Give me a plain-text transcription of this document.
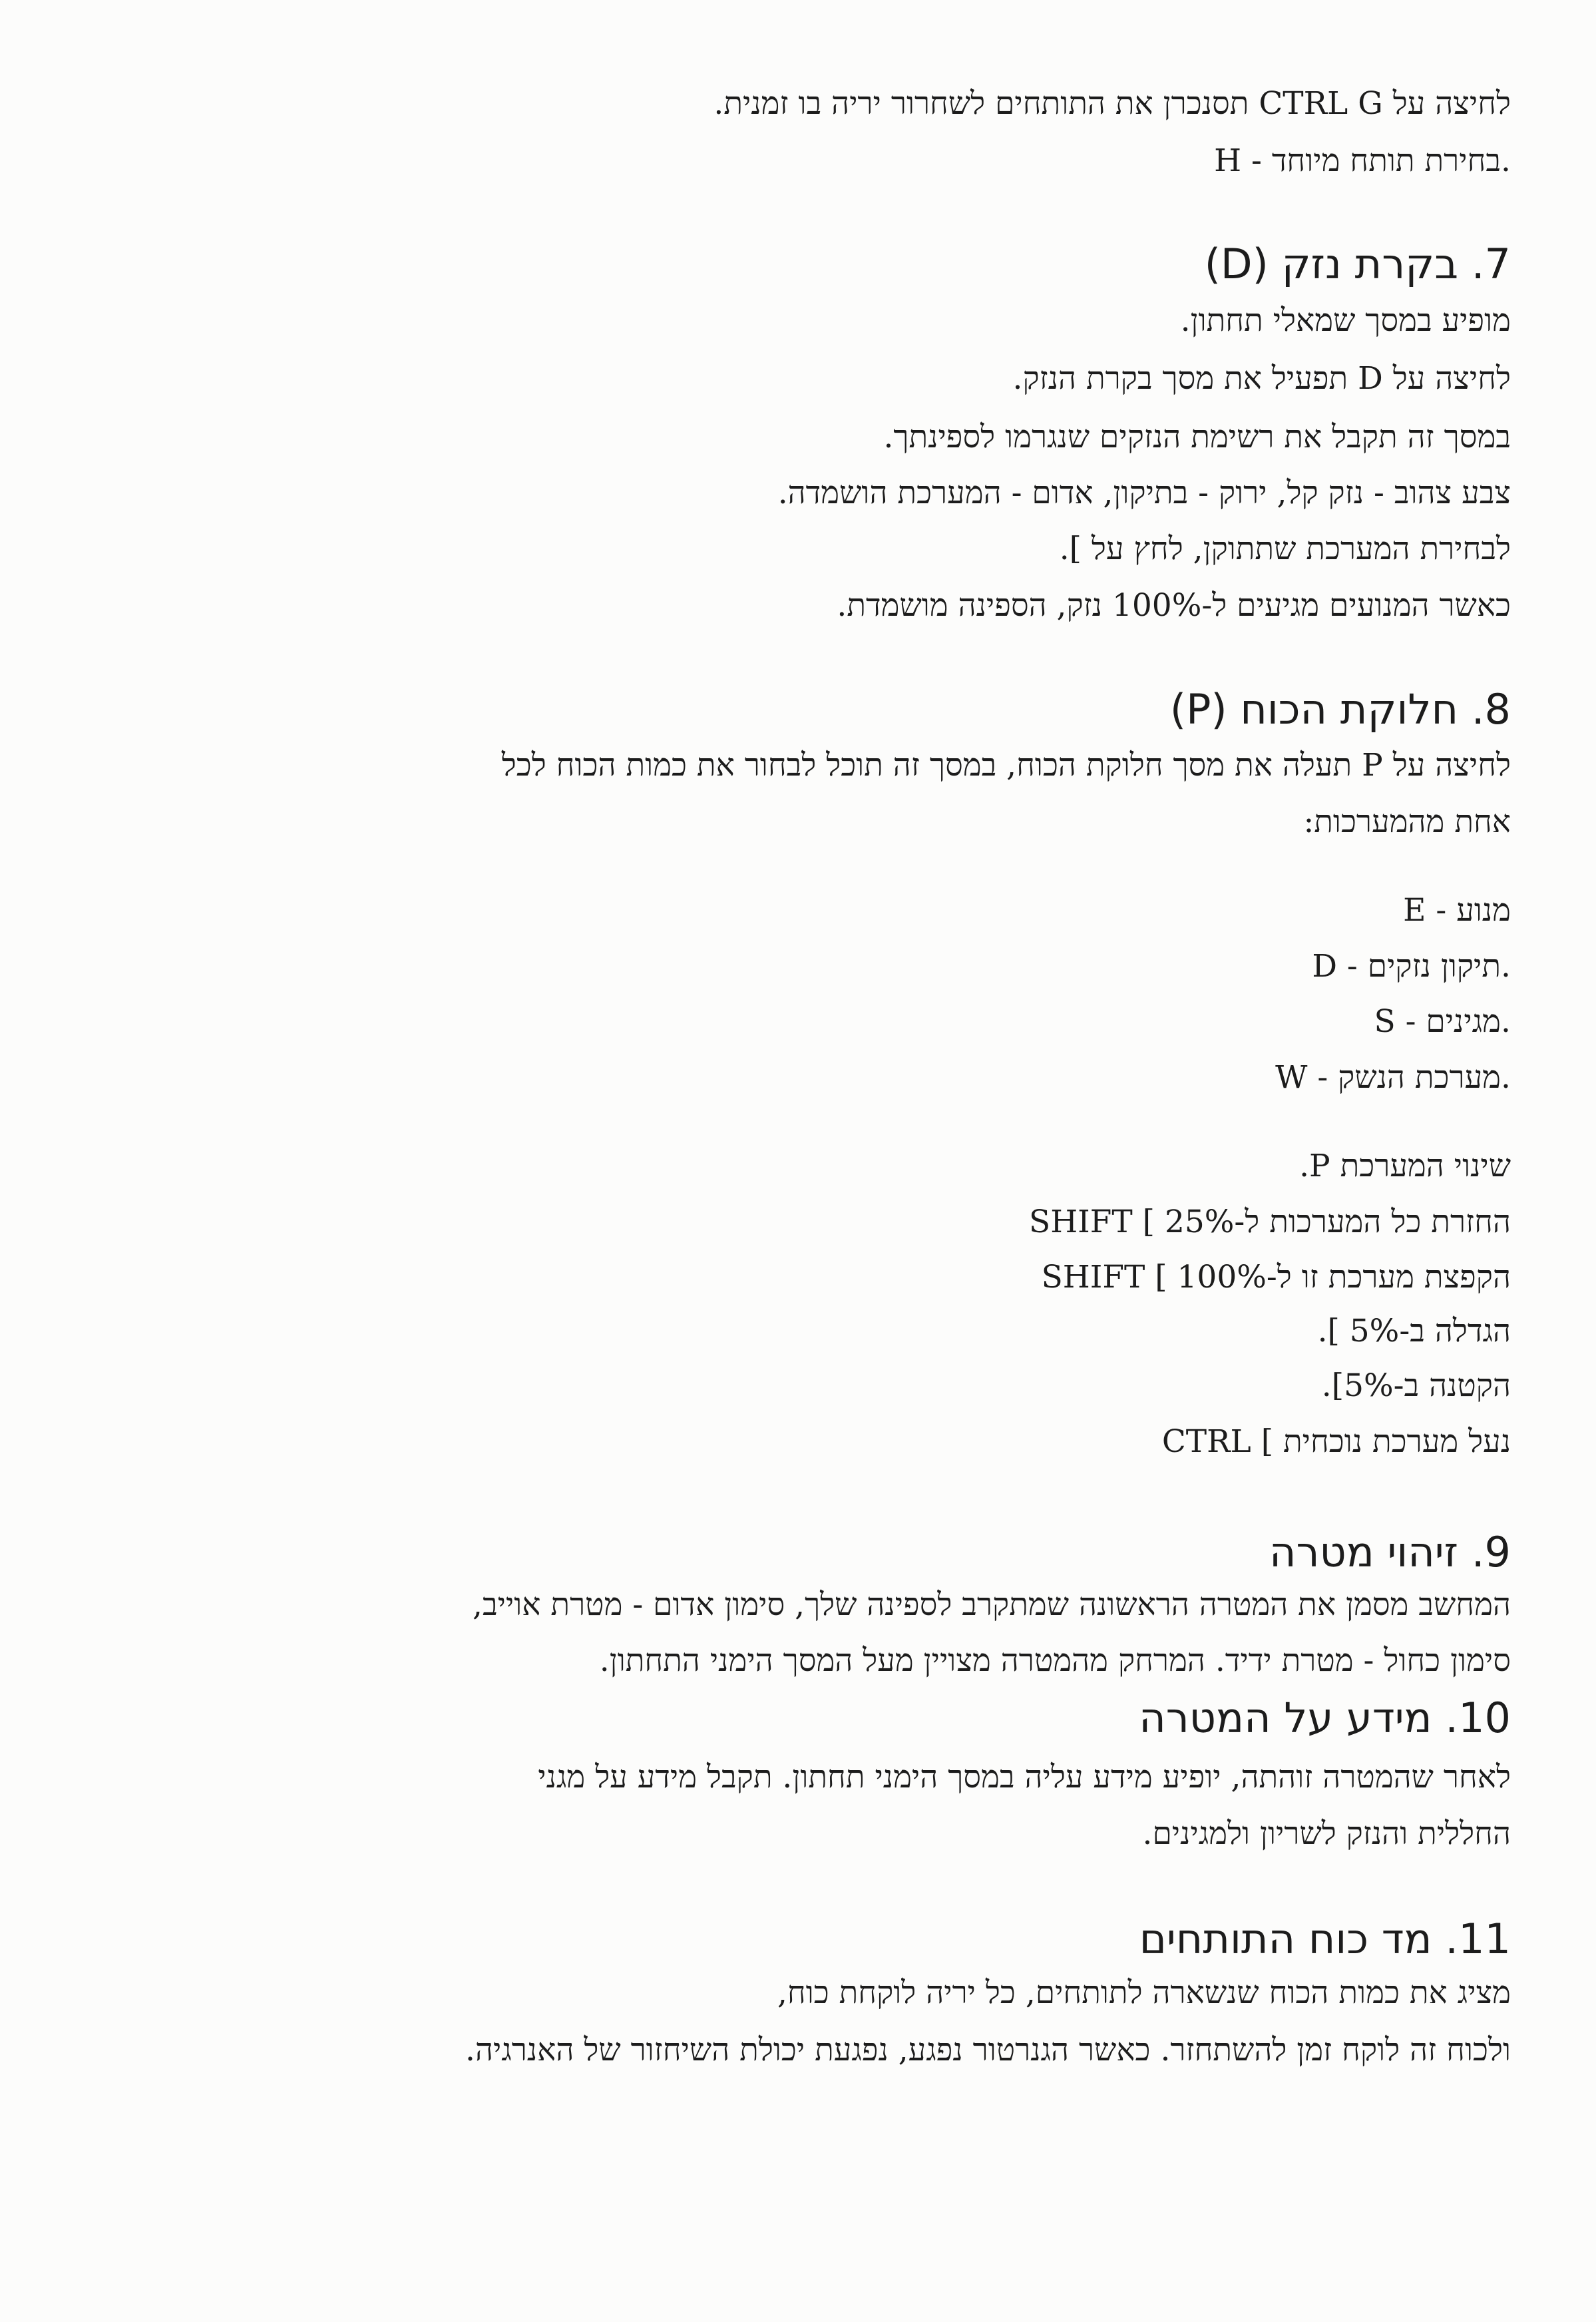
לחיצה על CTRL G תסנכרן את התותחים לשחרור יריה בו זמנית.
H - בחירת תותח מיוחד.
7. בקרת נזק (D)
מופיע במסך שמאלי תחתון.
לחיצה על D תפעיל את מסך בקרת הנזק.
במסך זה תקבל את רשימת הנזקים שנגרמו לספינתך.
צבע צהוב - נזק קל, ירוק - בתיקון, אדום - המערכת הושמדה.
לבחירת המערכת שתתוקן, לחץ על ].
כאשר המנועים מגיעים ל-100% נזק, הספינה מושמדת.
8. חלוקת הכוח (P)
לחיצה על P תעלה את מסך חלוקת הכוח, במסך זה תוכל לבחור את כמות הכוח לכל
אחת מהמערכות:
E - מנוע
D - תיקון נזקים.
S - מגינים.
W - מערכת הנשק.
שינוי המערכת P.
החזרת כל המערכות ל-25% ] SHIFT
הקפצת מערכת זו ל-100% ] SHIFT
הגדלה ב-5% ].
הקטנה ב-5%].
נעל מערכת נוכחית ] CTRL
9. זיהוי מטרה
המחשב מסמן את המטרה הראשונה שמתקרב לספינה שלך, סימון אדום - מטרת אוייב,
סימון כחול - מטרת ידיד. המרחק מהמטרה מצויין מעל המסך הימני התחתון.
10. מידע על המטרה
לאחר שהמטרה זוהתה, יופיע מידע עליה במסך הימני תחתון. תקבל מידע על מגני
החללית והנזק לשריון ולמגינים.
11. מד כוח התותחים
מציג את כמות הכוח שנשארה לתותחים, כל יריה לוקחת כוח,
ולכוח זה לוקח זמן להשתחזר. כאשר הגנרטור נפגע, נפגעת יכולת השיחזור של האנרגיה.
